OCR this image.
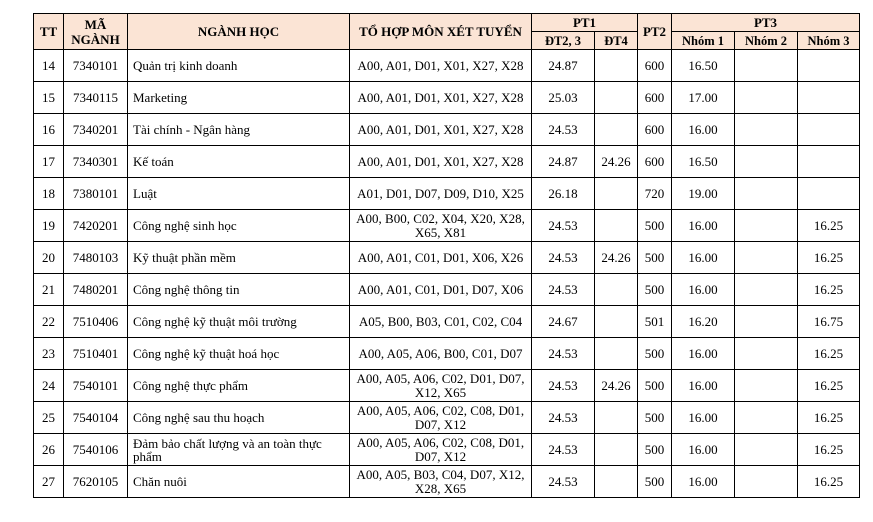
TT	MÃ NGÀNH	NGÀNH HỌC	TỔ HỢP MÔN XÉT TUYỂN	PT1		PT2	PT3		
				ĐT2, 3	ĐT4		Nhóm 1	Nhóm 2	Nhóm 3
14	7340101	Quản trị kinh doanh	A00, A01, D01, X01, X27, X28	24.87		600	16.50		
15	7340115	Marketing	A00, A01, D01, X01, X27, X28	25.03		600	17.00		
16	7340201	Tài chính - Ngân hàng	A00, A01, D01, X01, X27, X28	24.53		600	16.00		
17	7340301	Kế toán	A00, A01, D01, X01, X27, X28	24.87	24.26	600	16.50		
18	7380101	Luật	A01, D01, D07, D09, D10, X25	26.18		720	19.00		
19	7420201	Công nghệ sinh học	A00, B00, C02, X04, X20, X28, X65, X81	24.53		500	16.00		16.25
20	7480103	Kỹ thuật phần mềm	A00, A01, C01, D01, X06, X26	24.53	24.26	500	16.00		16.25
21	7480201	Công nghệ thông tin	A00, A01, C01, D01, D07, X06	24.53		500	16.00		16.25
22	7510406	Công nghệ kỹ thuật môi trường	A05, B00, B03, C01, C02, C04	24.67		501	16.20		16.75
23	7510401	Công nghệ kỹ thuật hoá học	A00, A05, A06, B00, C01, D07	24.53		500	16.00		16.25
24	7540101	Công nghệ thực phẩm	A00, A05, A06, C02, D01, D07, X12, X65	24.53	24.26	500	16.00		16.25
25	7540104	Công nghệ sau thu hoạch	A00, A05, A06, C02, C08, D01, D07, X12	24.53		500	16.00		16.25
26	7540106	Đảm bảo chất lượng và an toàn thực phẩm	A00, A05, A06, C02, C08, D01, D07, X12	24.53		500	16.00		16.25
27	7620105	Chăn nuôi	A00, A05, B03, C04, D07, X12, X28, X65	24.53		500	16.00		16.25
